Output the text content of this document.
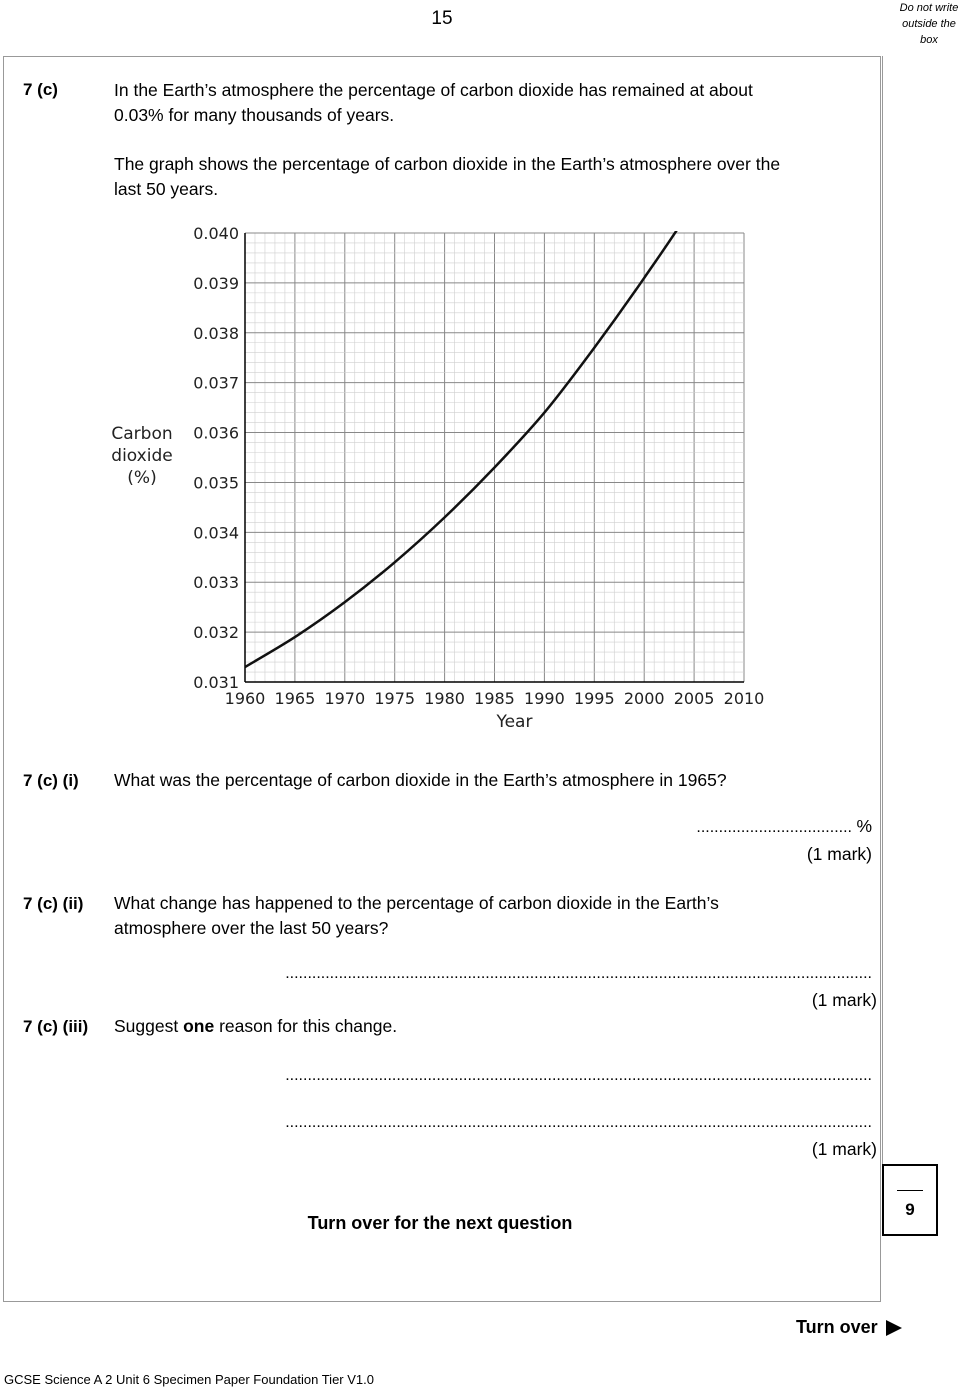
15	Do not write
outside the
box
7 (c)	In the Earth’s atmosphere the percentage of carbon dioxide has remained at about
0.03% for many thousands of years.
The graph shows the percentage of carbon dioxide in the Earth’s atmosphere over the
last 50 years.
0.031
0.032
0.033
0.034
0.035
0.036
0.037
0.038
0.039
0.040
1960 1965 1970 1975 1980 1985 1990 1995 2000 2005 2010
Year
Carbon
dioxide
(%)
7 (c) (i) What was the percentage of carbon dioxide in the Earth’s atmosphere in 1965?
................................... %
(1 mark)
7 (c) (ii) What change has happened to the percentage of carbon dioxide in the Earth’s
atmosphere over the last 50 years?
....................................................................................................................................
(1 mark)
7 (c) (iii) Suggest one reason for this change.
....................................................................................................................................
....................................................................................................................................
(1 mark)
Turn over for the next question
9
Turn over
GCSE Science A 2 Unit 6 Specimen Paper Foundation Tier V1.0
